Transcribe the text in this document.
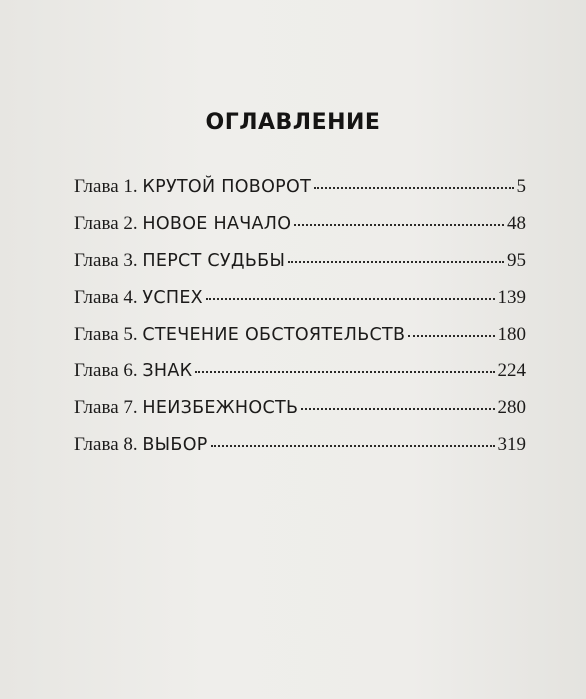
ОГЛАВЛЕНИЕ
Глава 1. КРУТОЙ ПОВОРОТ	5
Глава 2. НОВОЕ НАЧАЛО	48
Глава 3. ПЕРСТ СУДЬБЫ	95
Глава 4. УСПЕХ	139
Глава 5. СТЕЧЕНИЕ ОБСТОЯТЕЛЬСТВ	180
Глава 6. ЗНАК	224
Глава 7. НЕИЗБЕЖНОСТЬ	280
Глава 8. ВЫБОР	319
